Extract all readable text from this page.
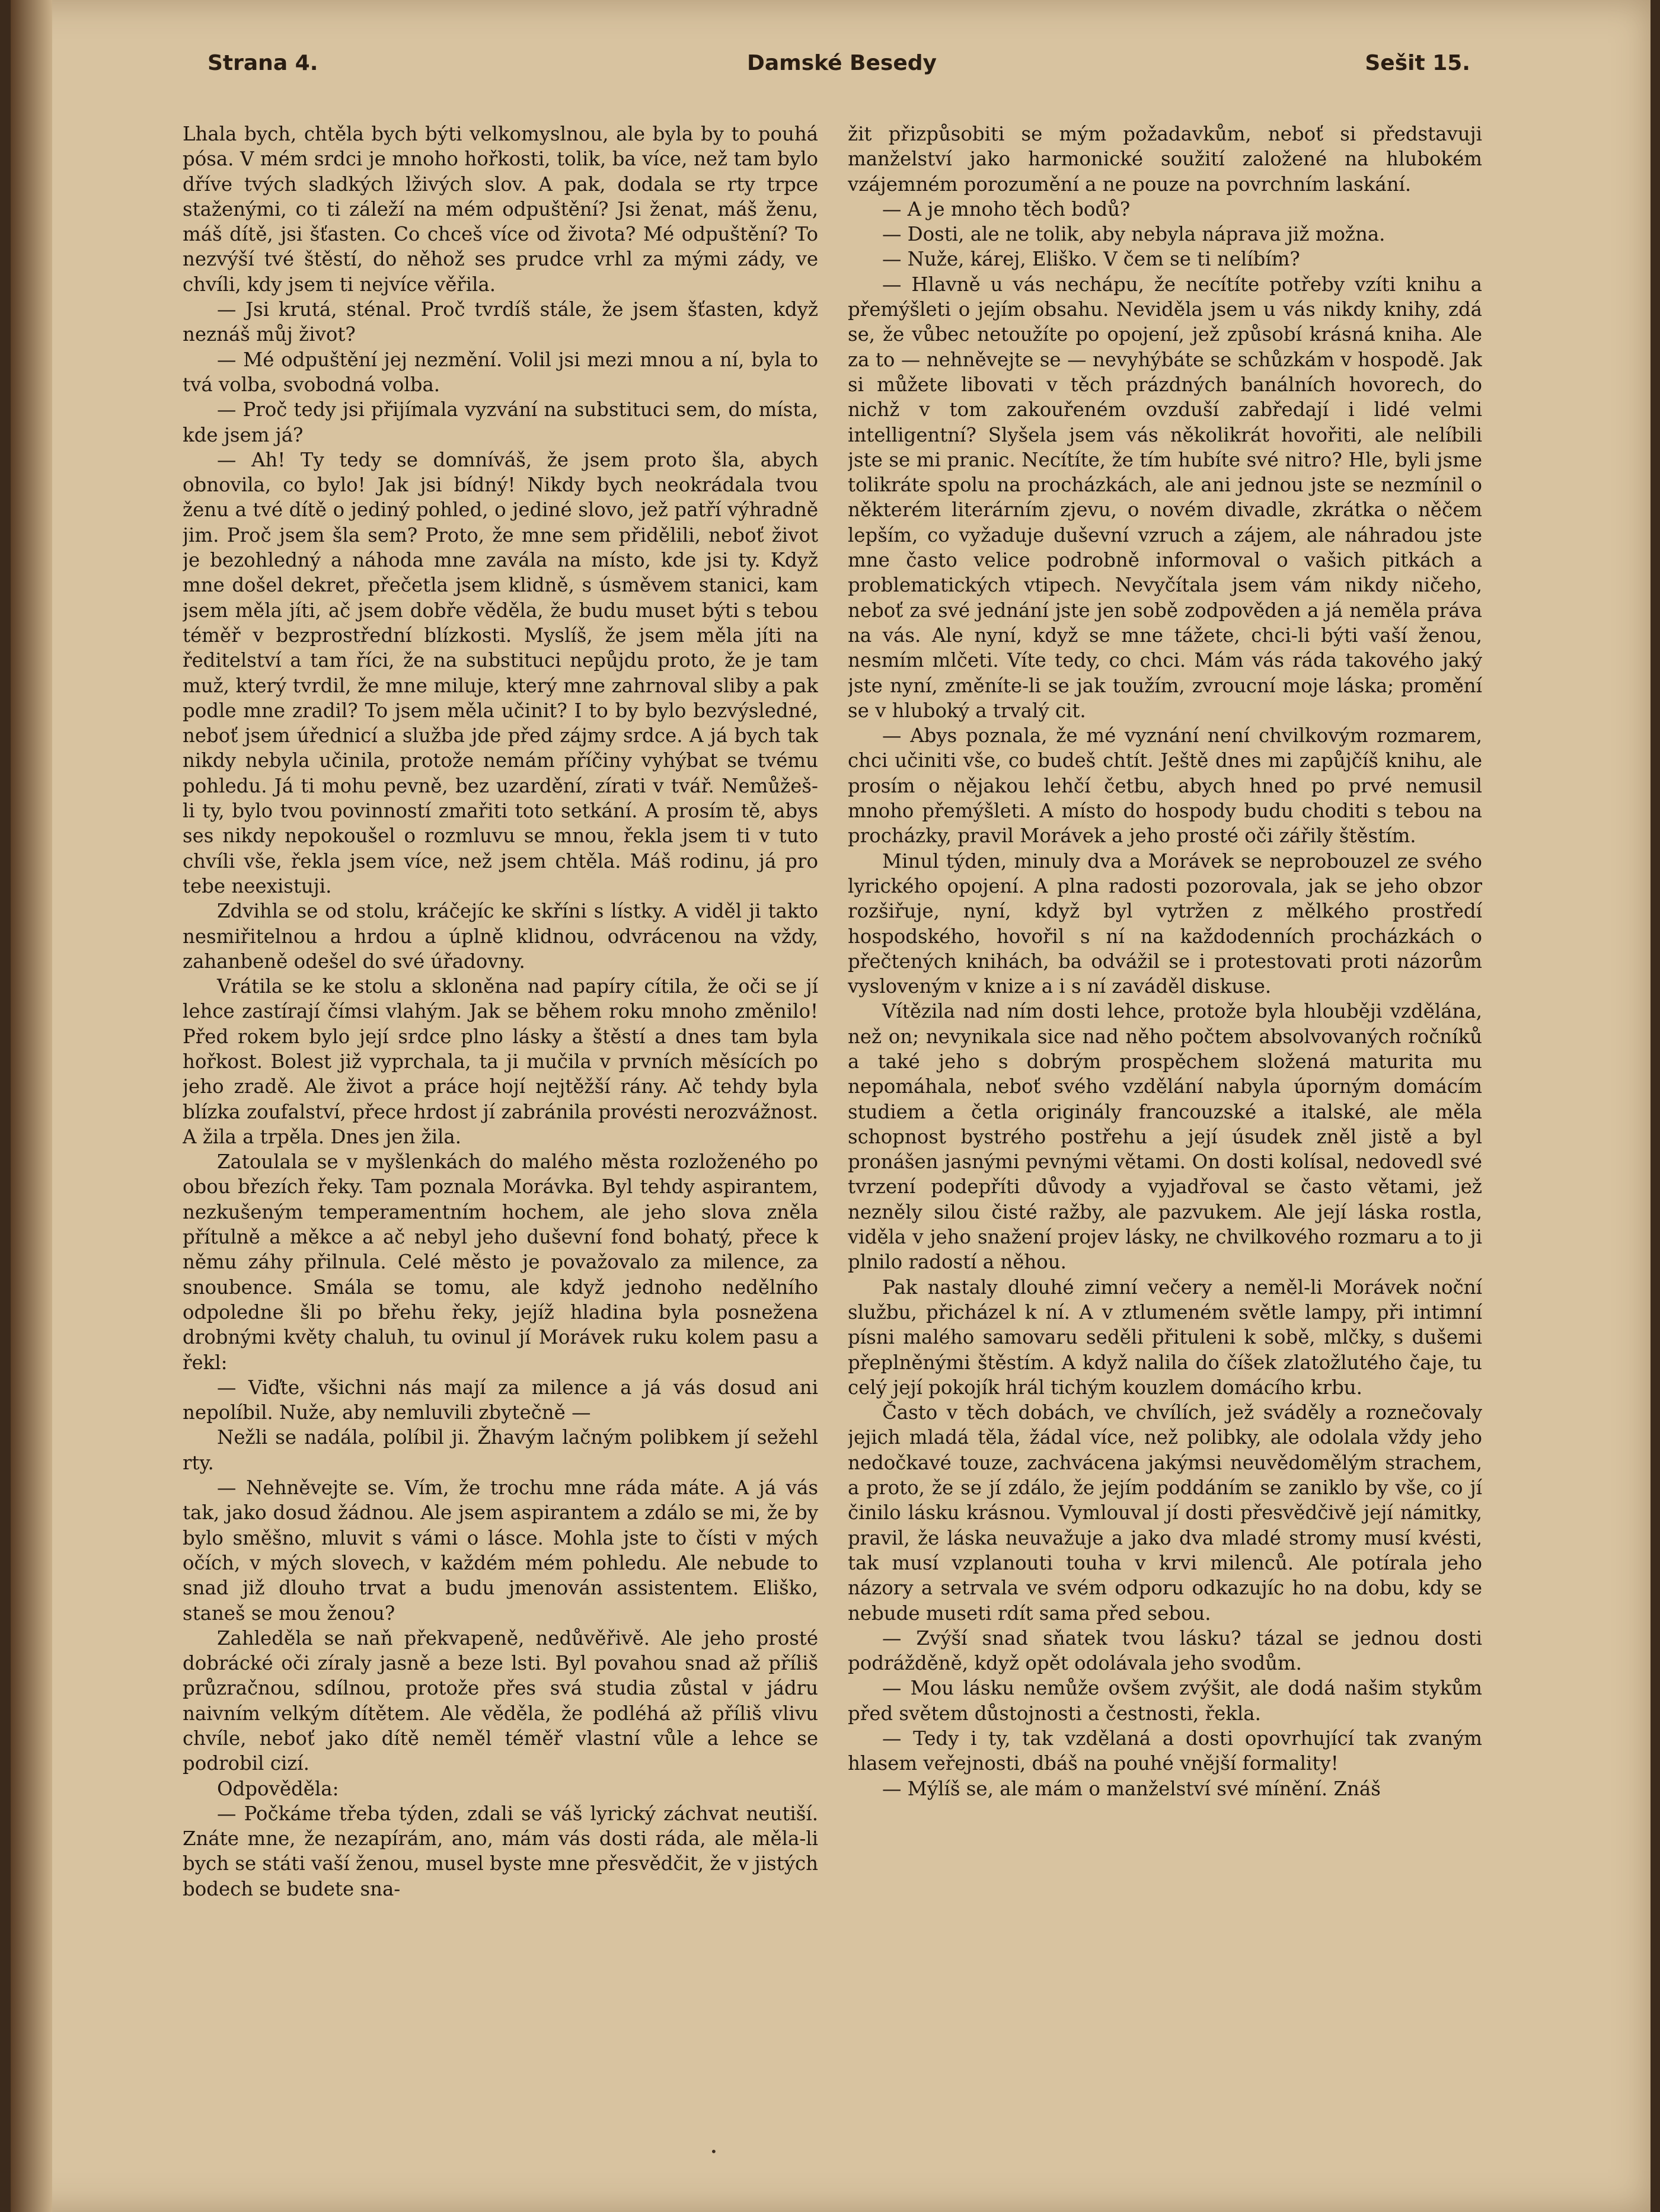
Strana 4.	Damské Besedy	Sešit 15.

Lhala bych, chtěla bych býti velkomyslnou, ale byla by to pouhá pósa. V mém srdci je mnoho hořkosti, tolik, ba více, než tam bylo dříve tvých sladkých lživých slov. A pak, dodala se rty trpce staženými, co ti záleží na mém odpuštění? Jsi ženat, máš ženu, máš dítě, jsi šťasten. Co chceš více od života? Mé odpuštění? To nezvýší tvé štěstí, do něhož ses prudce vrhl za mými zády, ve chvíli, kdy jsem ti nejvíce věřila.

— Jsi krutá, sténal. Proč tvrdíš stále, že jsem šťasten, když neznáš můj život?

— Mé odpuštění jej nezmění. Volil jsi mezi mnou a ní, byla to tvá volba, svobodná volba.

— Proč tedy jsi přijímala vyzvání na substituci sem, do místa, kde jsem já?

— Ah! Ty tedy se domníváš, že jsem proto šla, abych obnovila, co bylo! Jak jsi bídný! Nikdy bych neokrádala tvou ženu a tvé dítě o jediný pohled, o jediné slovo, jež patří výhradně jim. Proč jsem šla sem? Proto, že mne sem přidělili, neboť život je bezohledný a náhoda mne zavála na místo, kde jsi ty. Když mne došel dekret, přečetla jsem klidně, s úsměvem stanici, kam jsem měla jíti, ač jsem dobře věděla, že budu muset býti s tebou téměř v bezprostřední blízkosti. Myslíš, že jsem měla jíti na ředitelství a tam říci, že na substituci nepůjdu proto, že je tam muž, který tvrdil, že mne miluje, který mne zahrnoval sliby a pak podle mne zradil? To jsem měla učinit? I to by bylo bezvýsledné, neboť jsem úřednicí a služba jde před zájmy srdce. A já bych tak nikdy nebyla učinila, protože nemám příčiny vyhýbat se tvému pohledu. Já ti mohu pevně, bez uzardění, zírati v tvář. Nemůžeš-li ty, bylo tvou povinností zmařiti toto setkání. A prosím tě, abys ses nikdy nepokoušel o rozmluvu se mnou, řekla jsem ti v tuto chvíli vše, řekla jsem více, než jsem chtěla. Máš rodinu, já pro tebe neexistuji.

Zdvihla se od stolu, kráčejíc ke skříni s lístky. A viděl ji takto nesmiřitelnou a hrdou a úplně klidnou, odvrácenou na vždy, zahanbeně odešel do své úřadovny.

Vrátila se ke stolu a skloněna nad papíry cítila, že oči se jí lehce zastírají čímsi vlahým. Jak se během roku mnoho změnilo! Před rokem bylo její srdce plno lásky a štěstí a dnes tam byla hořkost. Bolest již vyprchala, ta ji mučila v prvních měsících po jeho zradě. Ale život a práce hojí nejtěžší rány. Ač tehdy byla blízka zoufalství, přece hrdost jí zabránila provésti nerozvážnost. A žila a trpěla. Dnes jen žila.

Zatoulala se v myšlenkách do malého města rozloženého po obou březích řeky. Tam poznala Morávka. Byl tehdy aspirantem, nezkušeným temperamentním hochem, ale jeho slova zněla přítulně a měkce a ač nebyl jeho duševní fond bohatý, přece k němu záhy přilnula. Celé město je považovalo za milence, za snoubence. Smála se tomu, ale když jednoho nedělního odpoledne šli po břehu řeky, jejíž hladina byla posnežena drobnými květy chaluh, tu ovinul jí Morávek ruku kolem pasu a řekl:

— Viďte, všichni nás mají za milence a já vás dosud ani nepolíbil. Nuže, aby nemluvili zbytečně —

Nežli se nadála, políbil ji. Žhavým lačným polibkem jí sežehl rty.

— Nehněvejte se. Vím, že trochu mne ráda máte. A já vás tak, jako dosud žádnou. Ale jsem aspirantem a zdálo se mi, že by bylo směšno, mluvit s vámi o lásce. Mohla jste to čísti v mých očích, v mých slovech, v každém mém pohledu. Ale nebude to snad již dlouho trvat a budu jmenován assistentem. Eliško, staneš se mou ženou?

Zahleděla se naň překvapeně, nedůvěřivě. Ale jeho prosté dobrácké oči zíraly jasně a beze lsti. Byl povahou snad až příliš průzračnou, sdílnou, protože přes svá studia zůstal v jádru naivním velkým dítětem. Ale věděla, že podléhá až příliš vlivu chvíle, neboť jako dítě neměl téměř vlastní vůle a lehce se podrobil cizí.

Odpověděla:

— Počkáme třeba týden, zdali se váš lyrický záchvat neutiší. Znáte mne, že nezapírám, ano, mám vás dosti ráda, ale měla-li bych se státi vaší ženou, musel byste mne přesvědčit, že v jistých bodech se budete sna-

žit přizpůsobiti se mým požadavkům, neboť si představuji manželství jako harmonické soužití založené na hlubokém vzájemném porozumění a ne pouze na povrchním laskání.

— A je mnoho těch bodů?

— Dosti, ale ne tolik, aby nebyla náprava již možna.

— Nuže, kárej, Eliško. V čem se ti nelíbím?

— Hlavně u vás nechápu, že necítíte potřeby vzíti knihu a přemýšleti o jejím obsahu. Neviděla jsem u vás nikdy knihy, zdá se, že vůbec netoužíte po opojení, jež způsobí krásná kniha. Ale za to — nehněvejte se — nevyhýbáte se schůzkám v hospodě. Jak si můžete libovati v těch prázdných banálních hovorech, do nichž v tom zakouřeném ovzduší zabředají i lidé velmi intelligentní? Slyšela jsem vás několikrát hovořiti, ale nelíbili jste se mi pranic. Necítíte, že tím hubíte své nitro? Hle, byli jsme tolikráte spolu na procházkách, ale ani jednou jste se nezmínil o některém literárním zjevu, o novém divadle, zkrátka o něčem lepším, co vyžaduje duševní vzruch a zájem, ale náhradou jste mne často velice podrobně informoval o vašich pitkách a problematických vtipech. Nevyčítala jsem vám nikdy ničeho, neboť za své jednání jste jen sobě zodpověden a já neměla práva na vás. Ale nyní, když se mne tážete, chci-li býti vaší ženou, nesmím mlčeti. Víte tedy, co chci. Mám vás ráda takového jaký jste nyní, změníte-li se jak toužím, zvroucní moje láska; promění se v hluboký a trvalý cit.

— Abys poznala, že mé vyznání není chvilkovým rozmarem, chci učiniti vše, co budeš chtít. Ještě dnes mi zapůjčíš knihu, ale prosím o nějakou lehčí četbu, abych hned po prvé nemusil mnoho přemýšleti. A místo do hospody budu choditi s tebou na procházky, pravil Morávek a jeho prosté oči zářily štěstím.

Minul týden, minuly dva a Morávek se neprobouzel ze svého lyrického opojení. A plna radosti pozorovala, jak se jeho obzor rozšiřuje, nyní, když byl vytržen z mělkého prostředí hospodského, hovořil s ní na každodenních procházkách o přečtených knihách, ba odvážil se i protestovati proti názorům vysloveným v knize a i s ní zaváděl diskuse.

Vítězila nad ním dosti lehce, protože byla hlouběji vzdělána, než on; nevynikala sice nad něho počtem absolvovaných ročníků a také jeho s dobrým prospěchem složená maturita mu nepomáhala, neboť svého vzdělání nabyla úporným domácím studiem a četla originály francouzské a italské, ale měla schopnost bystrého postřehu a její úsudek zněl jistě a byl pronášen jasnými pevnými větami. On dosti kolísal, nedovedl své tvrzení podepříti důvody a vyjadřoval se často větami, jež nezněly silou čisté ražby, ale pazvukem. Ale její láska rostla, viděla v jeho snažení projev lásky, ne chvilkového rozmaru a to ji plnilo radostí a něhou.

Pak nastaly dlouhé zimní večery a neměl-li Morávek noční službu, přicházel k ní. A v ztlumeném světle lampy, při intimní písni malého samovaru seděli přituleni k sobě, mlčky, s dušemi přeplněnými štěstím. A když nalila do číšek zlatožlutého čaje, tu celý její pokojík hrál tichým kouzlem domácího krbu.

Často v těch dobách, ve chvílích, jež sváděly a roznečovaly jejich mladá těla, žádal více, než polibky, ale odolala vždy jeho nedočkavé touze, zachvácena jakýmsi neuvědomělým strachem, a proto, že se jí zdálo, že jejím poddáním se zaniklo by vše, co jí činilo lásku krásnou. Vymlouval jí dosti přesvědčivě její námitky, pravil, že láska neuvažuje a jako dva mladé stromy musí kvésti, tak musí vzplanouti touha v krvi milenců. Ale potírala jeho názory a setrvala ve svém odporu odkazujíc ho na dobu, kdy se nebude museti rdít sama před sebou.

— Zvýší snad sňatek tvou lásku? tázal se jednou dosti podrážděně, když opět odolávala jeho svodům.

— Mou lásku nemůže ovšem zvýšit, ale dodá našim stykům před světem důstojnosti a čestnosti, řekla.

— Tedy i ty, tak vzdělaná a dosti opovrhující tak zvaným hlasem veřejnosti, dbáš na pouhé vnější formality!

— Mýlíš se, ale mám o manželství své mínění. Znáš

•
